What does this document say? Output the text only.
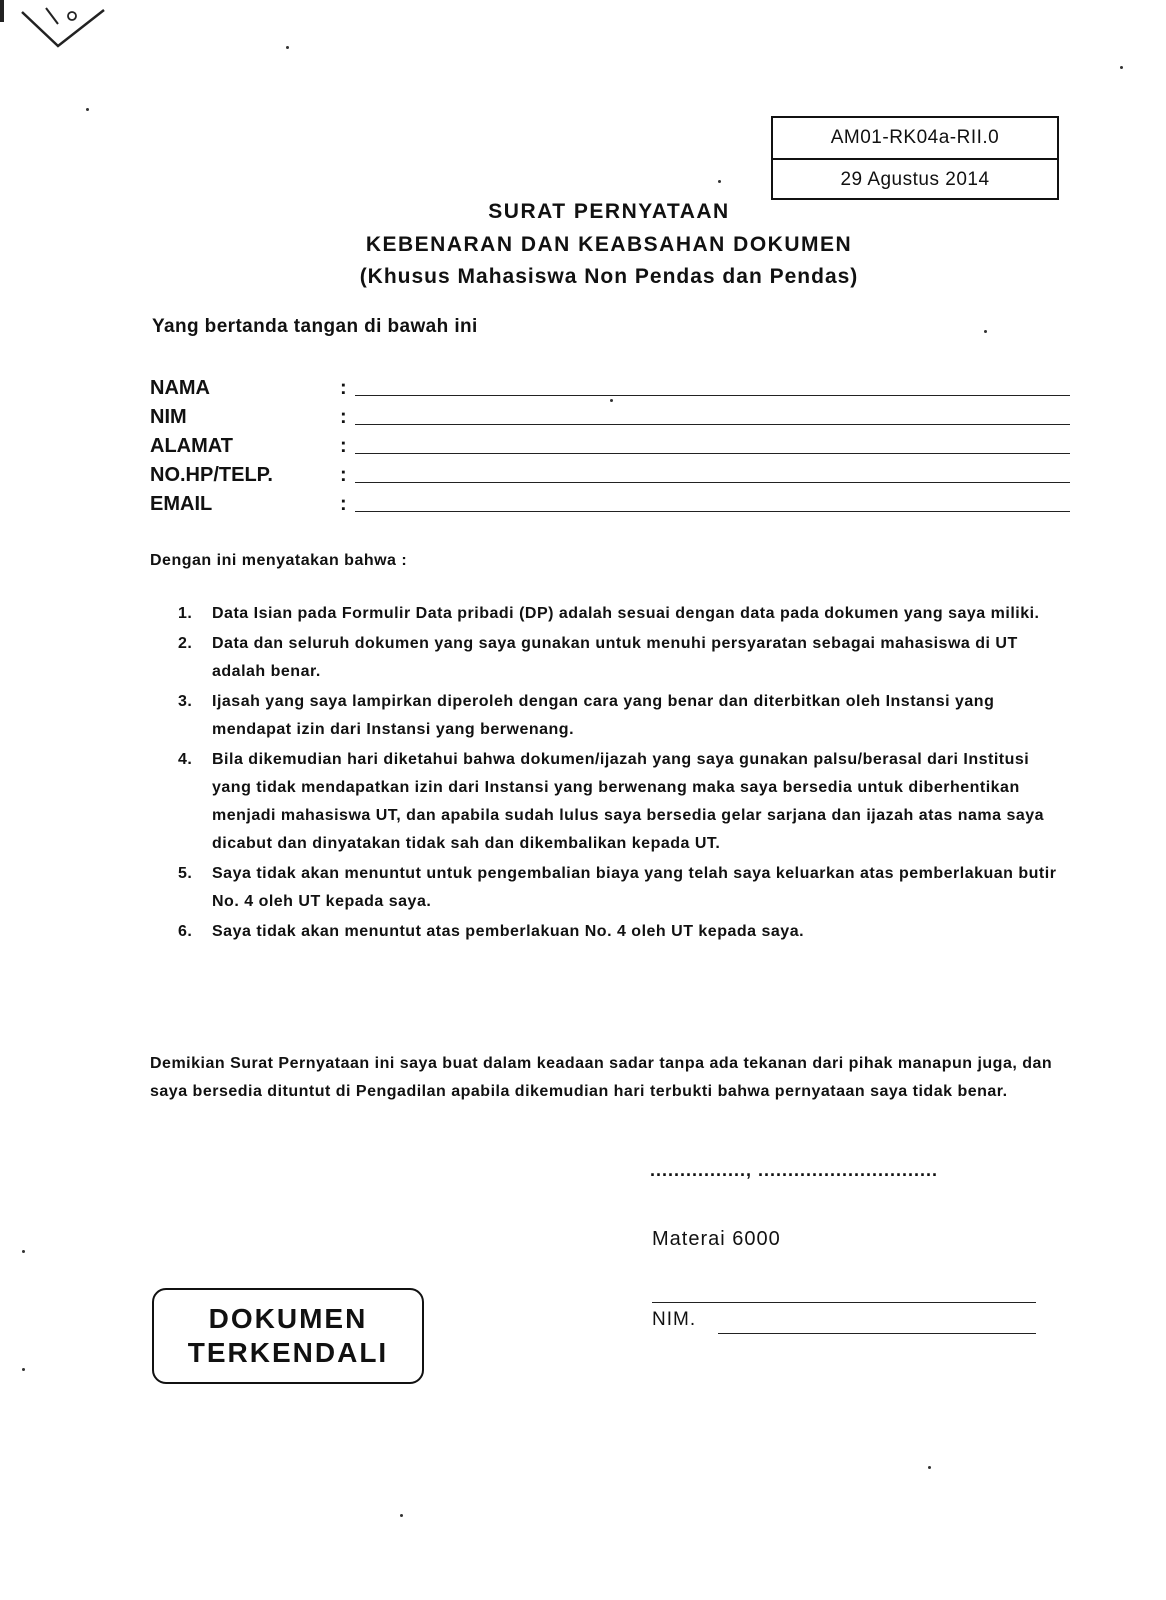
AM01-RK04a-RII.0
29 Agustus 2014
SURAT PERNYATAAN
KEBENARAN DAN KEABSAHAN DOKUMEN
(Khusus Mahasiswa Non Pendas dan Pendas)
Yang bertanda tangan di bawah ini
NAMA	:
NIM	:
ALAMAT	:
NO.HP/TELP.	:
EMAIL	:
Dengan ini menyatakan bahwa :
1. Data Isian pada Formulir Data pribadi (DP) adalah sesuai dengan data pada dokumen yang saya miliki.
2. Data dan seluruh dokumen yang saya gunakan untuk menuhi persyaratan sebagai mahasiswa di UT adalah benar.
3. Ijasah yang saya lampirkan diperoleh dengan cara yang benar dan diterbitkan oleh Instansi yang mendapat izin dari Instansi yang berwenang.
4. Bila dikemudian hari diketahui bahwa dokumen/ijazah yang saya gunakan palsu/berasal dari Institusi yang tidak mendapatkan izin dari Instansi yang berwenang maka saya bersedia untuk diberhentikan menjadi mahasiswa UT, dan apabila sudah lulus saya bersedia gelar sarjana dan ijazah atas nama saya dicabut dan dinyatakan tidak sah dan dikembalikan kepada UT.
5. Saya tidak akan menuntut untuk pengembalian biaya yang telah saya keluarkan atas pemberlakuan butir No. 4 oleh UT kepada saya.
6. Saya tidak akan menuntut atas pemberlakuan No. 4 oleh UT kepada saya.
Demikian Surat Pernyataan ini saya buat dalam keadaan sadar tanpa ada tekanan dari pihak manapun juga, dan saya bersedia dituntut di Pengadilan apabila dikemudian hari terbukti bahwa pernyataan saya tidak benar.
................, ..............................
Materai 6000
NIM.
DOKUMEN
TERKENDALI
